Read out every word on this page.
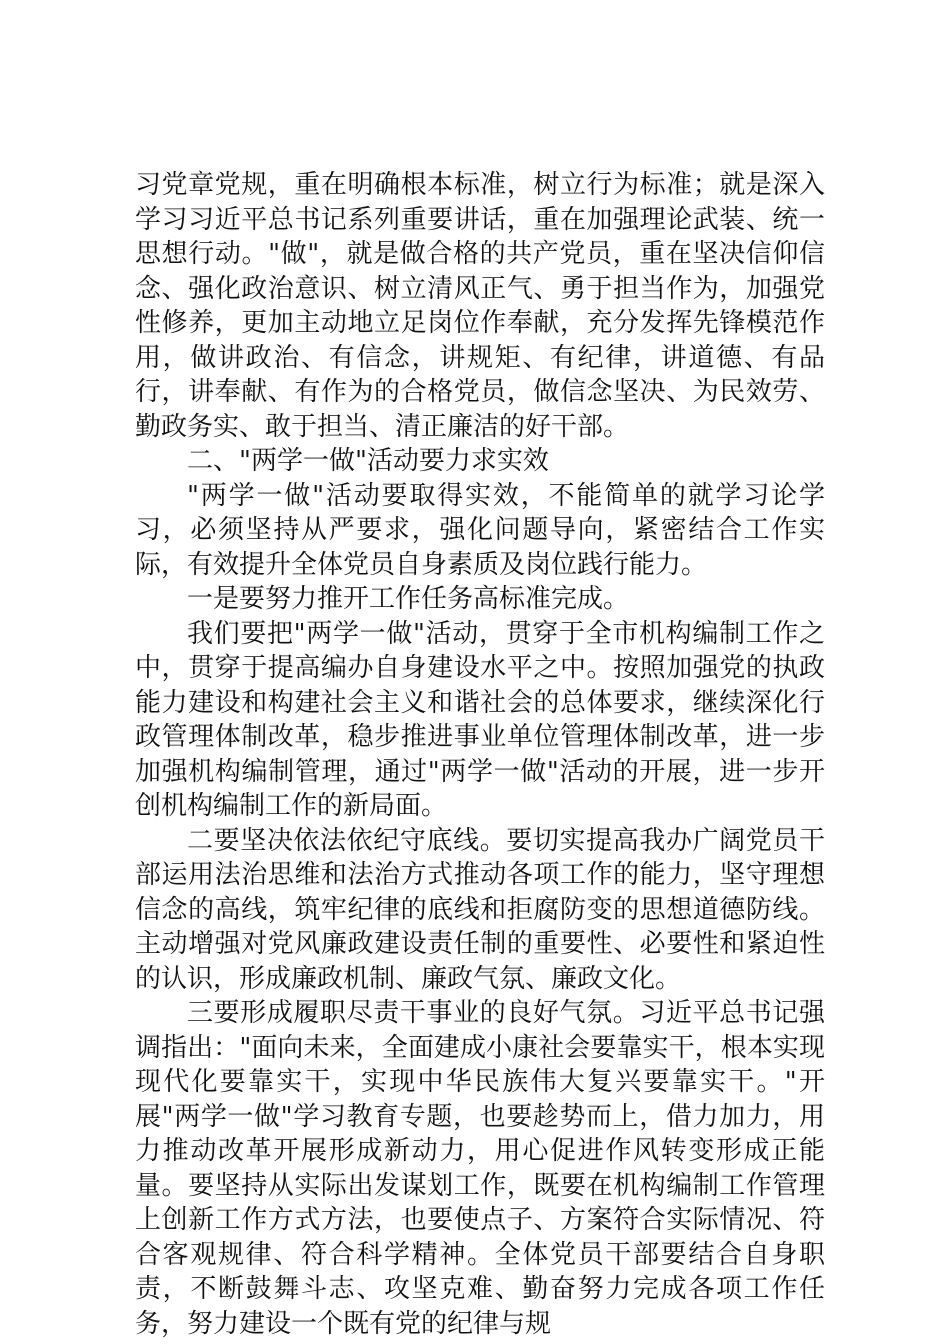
习党章党规，重在明确根本标准，树立行为标准；就是深入学习习近平总书记系列重要讲话，重在加强理论武装、统一思想行动。"做"，就是做合格的共产党员，重在坚决信仰信念、强化政治意识、树立清风正气、勇于担当作为，加强党性修养，更加主动地立足岗位作奉献，充分发挥先锋模范作用，做讲政治、有信念，讲规矩、有纪律，讲道德、有品行，讲奉献、有作为的合格党员，做信念坚决、为民效劳、勤政务实、敢于担当、清正廉洁的好干部。

二、"两学一做"活动要力求实效

"两学一做"活动要取得实效，不能简单的就学习论学习，必须坚持从严要求，强化问题导向，紧密结合工作实际，有效提升全体党员自身素质及岗位践行能力。

一是要努力推开工作任务高标准完成。

我们要把"两学一做"活动，贯穿于全市机构编制工作之中，贯穿于提高编办自身建设水平之中。按照加强党的执政能力建设和构建社会主义和谐社会的总体要求，继续深化行政管理体制改革，稳步推进事业单位管理体制改革，进一步加强机构编制管理，通过"两学一做"活动的开展，进一步开创机构编制工作的新局面。

二要坚决依法依纪守底线。要切实提高我办广阔党员干部运用法治思维和法治方式推动各项工作的能力，坚守理想信念的高线，筑牢纪律的底线和拒腐防变的思想道德防线。主动增强对党风廉政建设责任制的重要性、必要性和紧迫性的认识，形成廉政机制、廉政气氛、廉政文化。

三要形成履职尽责干事业的良好气氛。习近平总书记强调指出："面向未来，全面建成小康社会要靠实干，根本实现现代化要靠实干，实现中华民族伟大复兴要靠实干。"开展"两学一做"学习教育专题，也要趁势而上，借力加力，用力推动改革开展形成新动力，用心促进作风转变形成正能量。要坚持从实际出发谋划工作，既要在机构编制工作管理上创新工作方式方法，也要使点子、方案符合实际情况、符合客观规律、符合科学精神。全体党员干部要结合自身职责，不断鼓舞斗志、攻坚克难、勤奋努力完成各项工作任务，努力建设一个既有党的纪律与规
